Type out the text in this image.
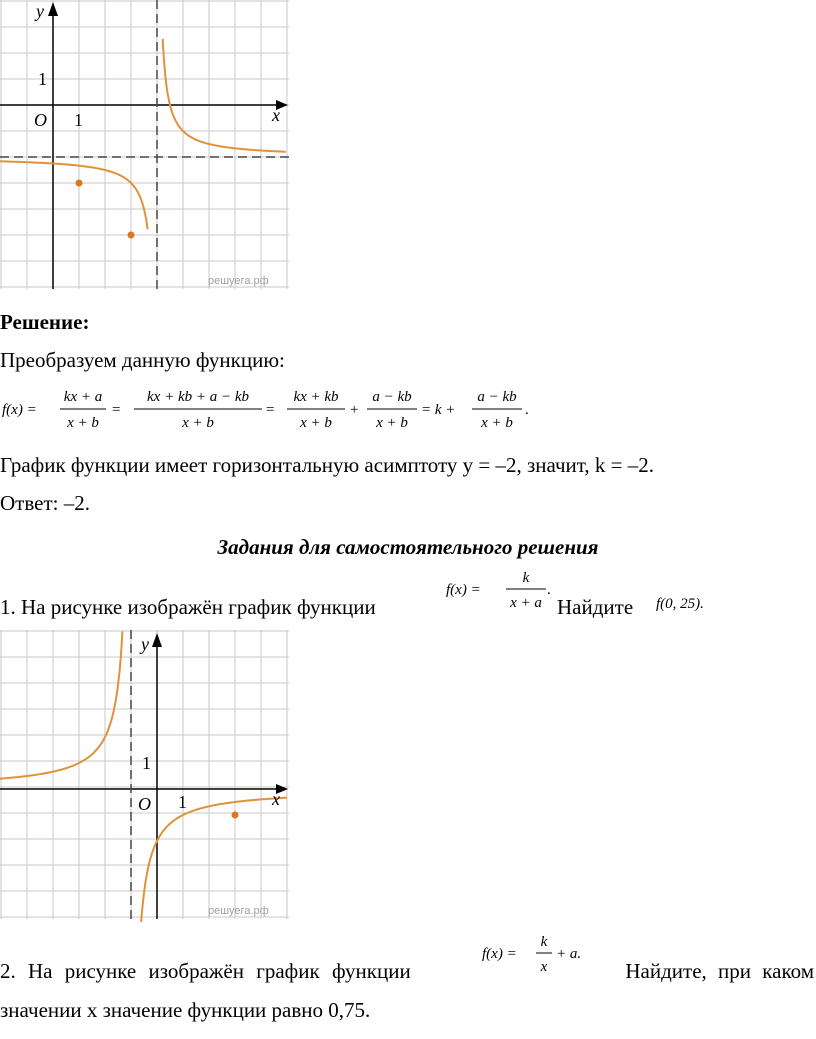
y
x
O 1
1
решуега.рф
Решение:
Преобразуем данную функцию:
f(x) =
kx + a
x + b
=
kx + kb + a − kb
x + b
=
kx + kb
x + b
+
a − kb
x + b
= k +
a − kb
x + b
.
График функции имеет горизонтальную асимптоту y = –2, значит, k = –2.
Ответ: –2.
Задания для самостоятельного решения
1. На рисунке изображён график функции
f(x) =
k
x + a
.
Найдите f(0, 25).
y
x
O 1
1
решуега.рф
2. На рисунке изображён график функции
f(x) =
k
x
+ a.
Найдите, при каком
значении x значение функции равно 0,75.
